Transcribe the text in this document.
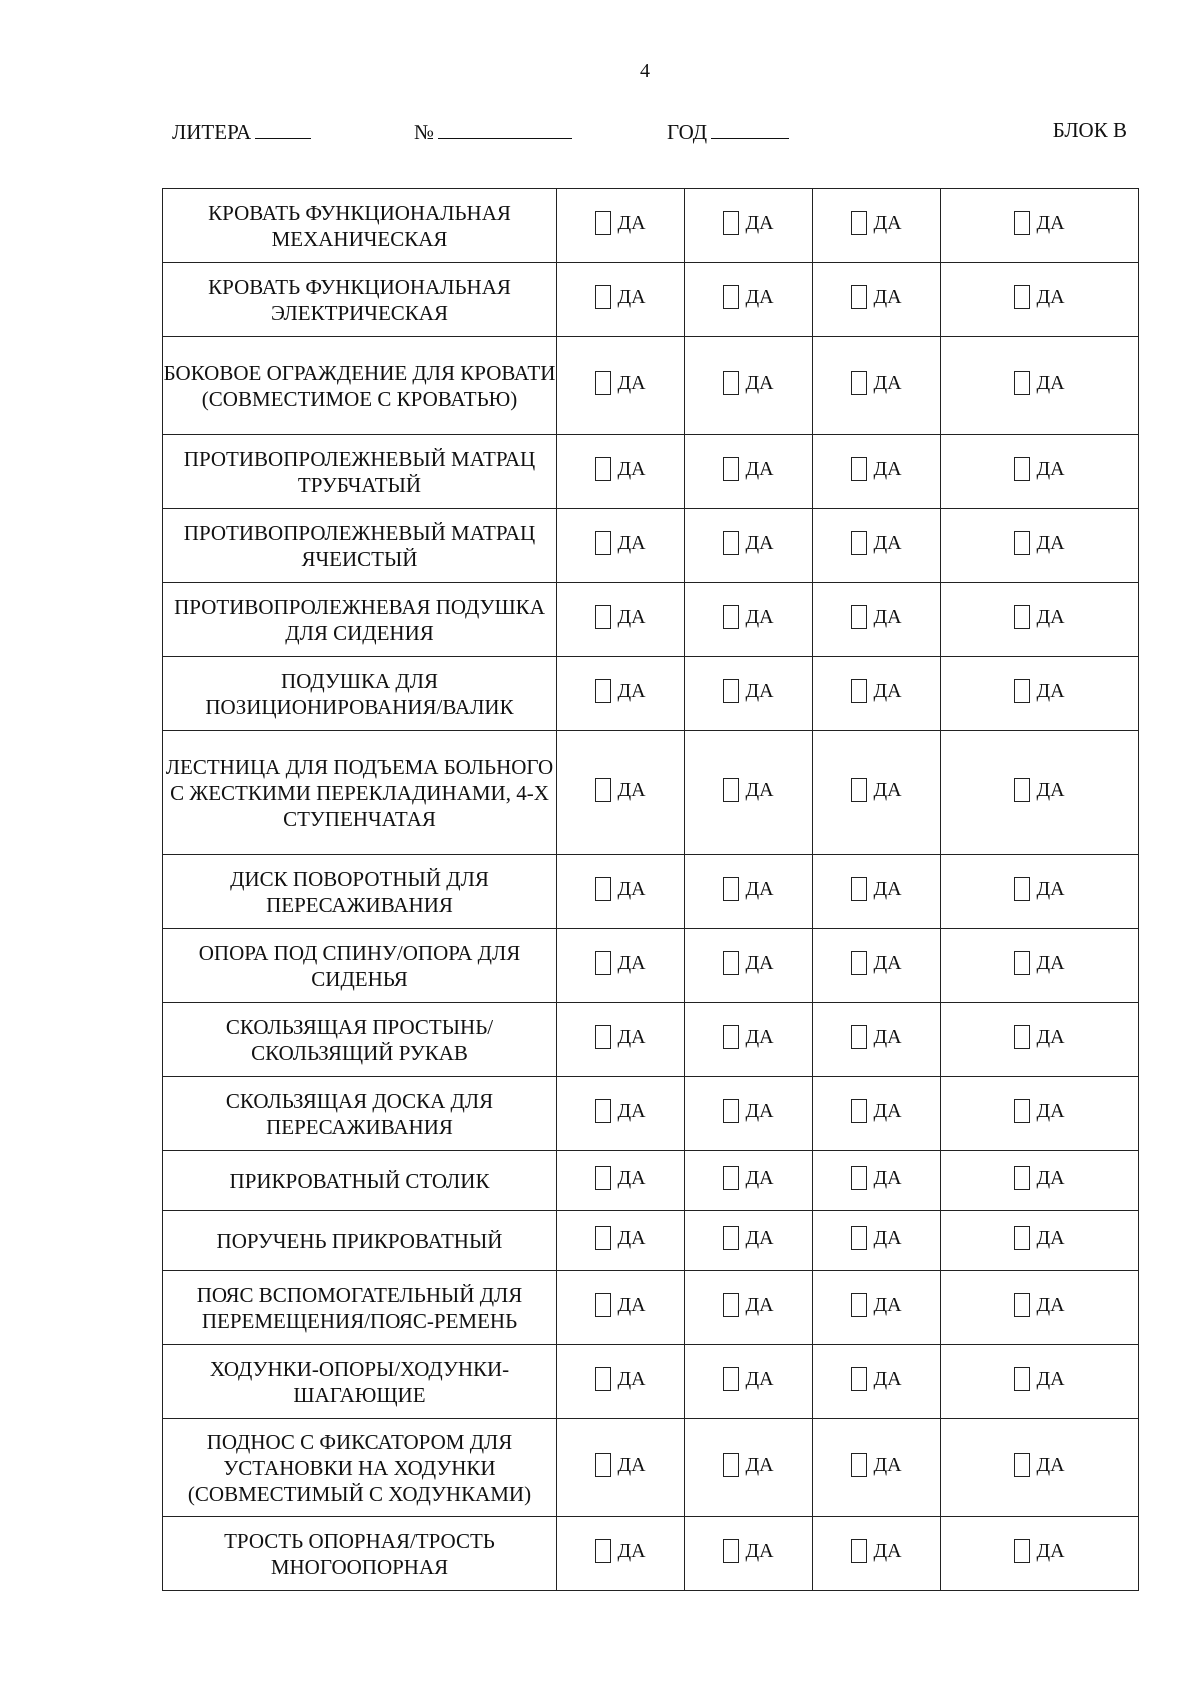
4
ЛИТЕРА	№	ГОД	БЛОК В
КРОВАТЬ ФУНКЦИОНАЛЬНАЯ МЕХАНИЧЕСКАЯ	ДА	ДА	ДА	ДА

КРОВАТЬ ФУНКЦИОНАЛЬНАЯ ЭЛЕКТРИЧЕСКАЯ	ДА	ДА	ДА	ДА

БОКОВОЕ ОГРАЖДЕНИЕ ДЛЯ КРОВАТИ (СОВМЕСТИМОЕ С КРОВАТЬЮ)	ДА	ДА	ДА	ДА

ПРОТИВОПРОЛЕЖНЕВЫЙ МАТРАЦ ТРУБЧАТЫЙ	ДА	ДА	ДА	ДА

ПРОТИВОПРОЛЕЖНЕВЫЙ МАТРАЦ ЯЧЕИСТЫЙ	ДА	ДА	ДА	ДА

ПРОТИВОПРОЛЕЖНЕВАЯ ПОДУШКА ДЛЯ СИДЕНИЯ	ДА	ДА	ДА	ДА

ПОДУШКА ДЛЯ ПОЗИЦИОНИРОВАНИЯ/ВАЛИК	ДА	ДА	ДА	ДА

ЛЕСТНИЦА ДЛЯ ПОДЪЕМА БОЛЬНОГО С ЖЕСТКИМИ ПЕРЕКЛАДИНАМИ, 4-Х СТУПЕНЧАТАЯ	ДА	ДА	ДА	ДА

ДИСК ПОВОРОТНЫЙ ДЛЯ ПЕРЕСАЖИВАНИЯ	ДА	ДА	ДА	ДА

ОПОРА ПОД СПИНУ/ОПОРА ДЛЯ СИДЕНЬЯ	ДА	ДА	ДА	ДА

СКОЛЬЗЯЩАЯ ПРОСТЫНЬ/СКОЛЬЗЯЩИЙ РУКАВ	ДА	ДА	ДА	ДА

СКОЛЬЗЯЩАЯ ДОСКА ДЛЯ ПЕРЕСАЖИВАНИЯ	ДА	ДА	ДА	ДА

ПРИКРОВАТНЫЙ СТОЛИК	ДА	ДА	ДА	ДА

ПОРУЧЕНЬ ПРИКРОВАТНЫЙ	ДА	ДА	ДА	ДА

ПОЯС ВСПОМОГАТЕЛЬНЫЙ ДЛЯ ПЕРЕМЕЩЕНИЯ/ПОЯС-РЕМЕНЬ	ДА	ДА	ДА	ДА

ХОДУНКИ-ОПОРЫ/ХОДУНКИ-ШАГАЮЩИЕ	ДА	ДА	ДА	ДА

ПОДНОС С ФИКСАТОРОМ ДЛЯ УСТАНОВКИ НА ХОДУНКИ (СОВМЕСТИМЫЙ С ХОДУНКАМИ)	ДА	ДА	ДА	ДА

ТРОСТЬ ОПОРНАЯ/ТРОСТЬ МНОГООПОРНАЯ	ДА	ДА	ДА	ДА
